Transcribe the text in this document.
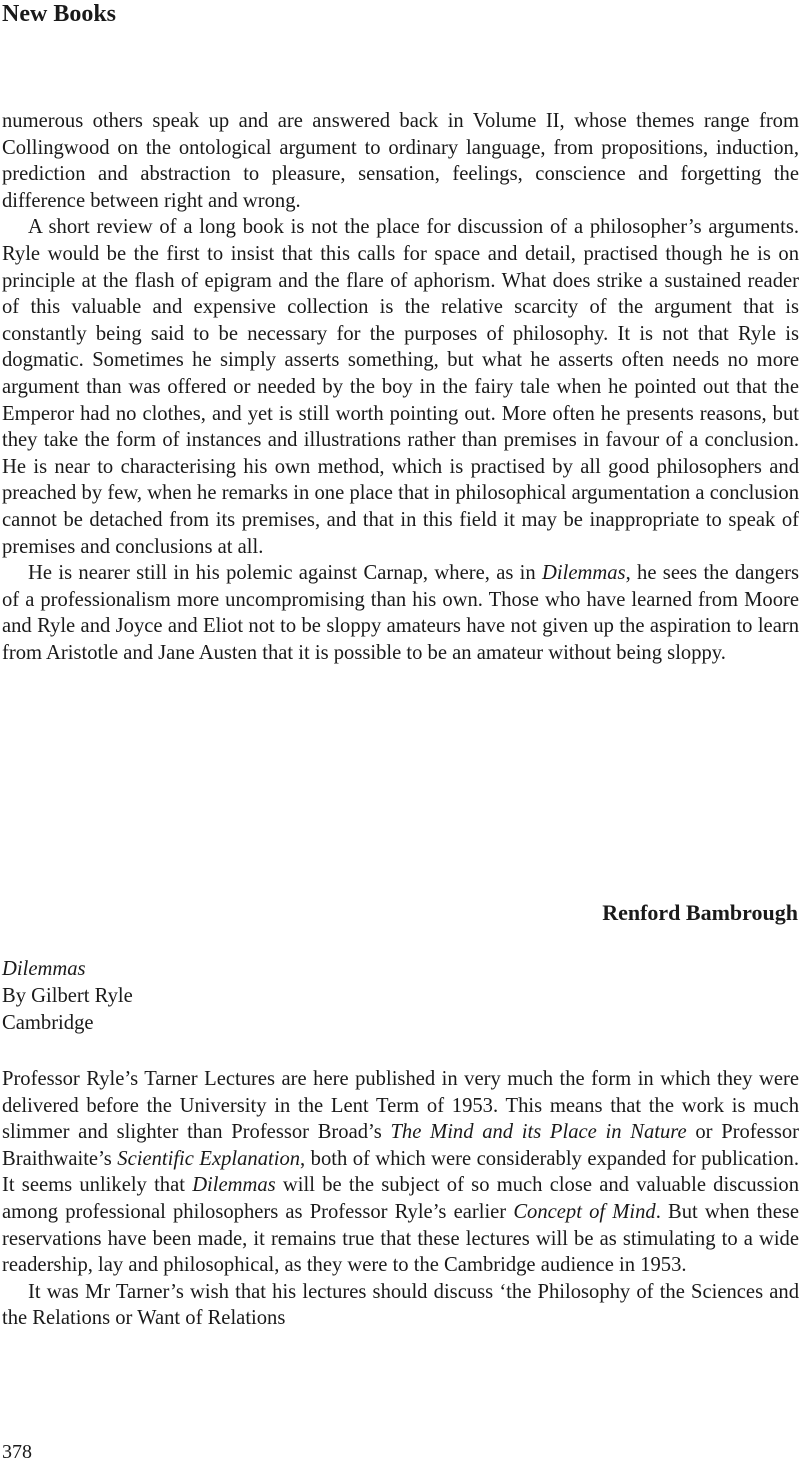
New Books

numerous others speak up and are answered back in Volume II, whose themes range from Collingwood on the ontological argument to ordinary language, from propositions, induction, prediction and abstraction to pleasure, sensation, feelings, conscience and forgetting the difference between right and wrong.

A short review of a long book is not the place for discussion of a philosopher’s arguments. Ryle would be the first to insist that this calls for space and detail, practised though he is on principle at the flash of epigram and the flare of aphorism. What does strike a sustained reader of this valuable and expensive collection is the relative scarcity of the argument that is constantly being said to be necessary for the purposes of philosophy. It is not that Ryle is dogmatic. Sometimes he simply asserts something, but what he asserts often needs no more argument than was offered or needed by the boy in the fairy tale when he pointed out that the Emperor had no clothes, and yet is still worth pointing out. More often he presents reasons, but they take the form of instances and illustrations rather than premises in favour of a conclusion. He is near to characterising his own method, which is practised by all good philosophers and preached by few, when he remarks in one place that in philosophical argumentation a conclusion cannot be detached from its premises, and that in this field it may be inappropriate to speak of premises and conclusions at all.

He is nearer still in his polemic against Carnap, where, as in Dilemmas, he sees the dangers of a professionalism more uncompromising than his own. Those who have learned from Moore and Ryle and Joyce and Eliot not to be sloppy amateurs have not given up the aspiration to learn from Aristotle and Jane Austen that it is possible to be an amateur without being sloppy.

Renford Bambrough

Dilemmas
By Gilbert Ryle
Cambridge

Professor Ryle’s Tarner Lectures are here published in very much the form in which they were delivered before the University in the Lent Term of 1953. This means that the work is much slimmer and slighter than Professor Broad’s The Mind and its Place in Nature or Professor Braithwaite’s Scientific Explanation, both of which were considerably expanded for publication. It seems unlikely that Dilemmas will be the subject of so much close and valuable discussion among professional philosophers as Professor Ryle’s earlier Concept of Mind. But when these reservations have been made, it remains true that these lectures will be as stimulating to a wide readership, lay and philosophical, as they were to the Cambridge audience in 1953.

It was Mr Tarner’s wish that his lectures should discuss ‘the Philosophy of the Sciences and the Relations or Want of Relations

378
